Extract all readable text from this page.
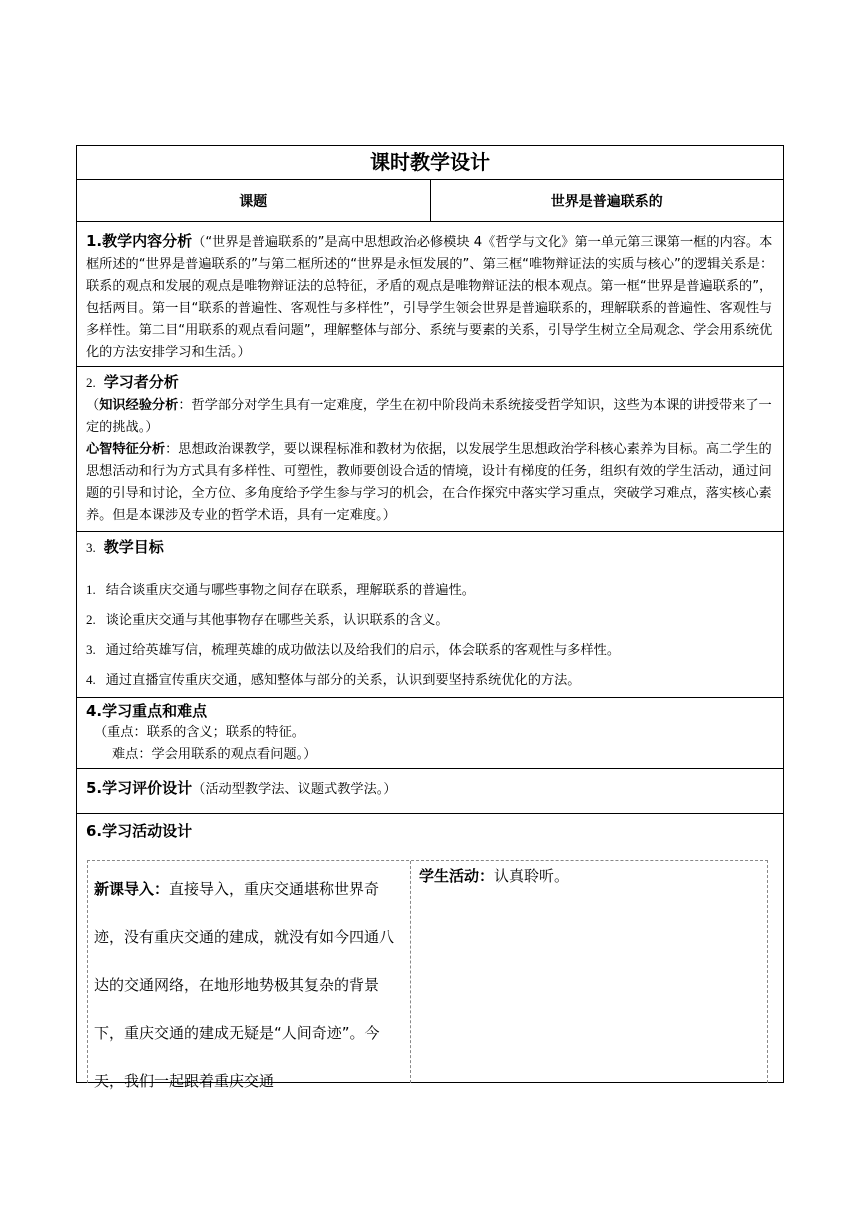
课时教学设计
课题	世界是普遍联系的
1.教学内容分析（“世界是普遍联系的”是高中思想政治必修模块 4《哲学与文化》第一单元第三课第一框的内容。本框所述的“世界是普遍联系的”与第二框所述的“世界是永恒发展的”、第三框“唯物辩证法的实质与核心”的逻辑关系是：联系的观点和发展的观点是唯物辩证法的总特征，矛盾的观点是唯物辩证法的根本观点。第一框“世界是普遍联系的”，包括两目。第一目“联系的普遍性、客观性与多样性”，引导学生领会世界是普遍联系的，理解联系的普遍性、客观性与多样性。第二目“用联系的观点看问题”，理解整体与部分、系统与要素的关系，引导学生树立全局观念、学会用系统优化的方法安排学习和生活。）

2. 学习者分析
（知识经验分析：哲学部分对学生具有一定难度，学生在初中阶段尚未系统接受哲学知识，这些为本课的讲授带来了一定的挑战。）
心智特征分析：思想政治课教学，要以课程标准和教材为依据，以发展学生思想政治学科核心素养为目标。高二学生的思想活动和行为方式具有多样性、可塑性，教师要创设合适的情境，设计有梯度的任务，组织有效的学生活动，通过问题的引导和讨论，全方位、多角度给予学生参与学习的机会，在合作探究中落实学习重点，突破学习难点，落实核心素养。但是本课涉及专业的哲学术语，具有一定难度。）

3. 教学目标
1. 结合谈重庆交通与哪些事物之间存在联系，理解联系的普遍性。
2. 谈论重庆交通与其他事物存在哪些关系，认识联系的含义。
3. 通过给英雄写信，梳理英雄的成功做法以及给我们的启示，体会联系的客观性与多样性。
4. 通过直播宣传重庆交通，感知整体与部分的关系，认识到要坚持系统优化的方法。

4.学习重点和难点
（重点：联系的含义；联系的特征。
难点：学会用联系的观点看问题。）

5.学习评价设计（活动型教学法、议题式教学法。）

6.学习活动设计
新课导入：直接导入，重庆交通堪称世界奇迹，没有重庆交通的建成，就没有如今四通八达的交通网络，在地形地势极其复杂的背景下，重庆交通的建成无疑是“人间奇迹”。今天，我们一起跟着重庆交通
学生活动：认真聆听。
